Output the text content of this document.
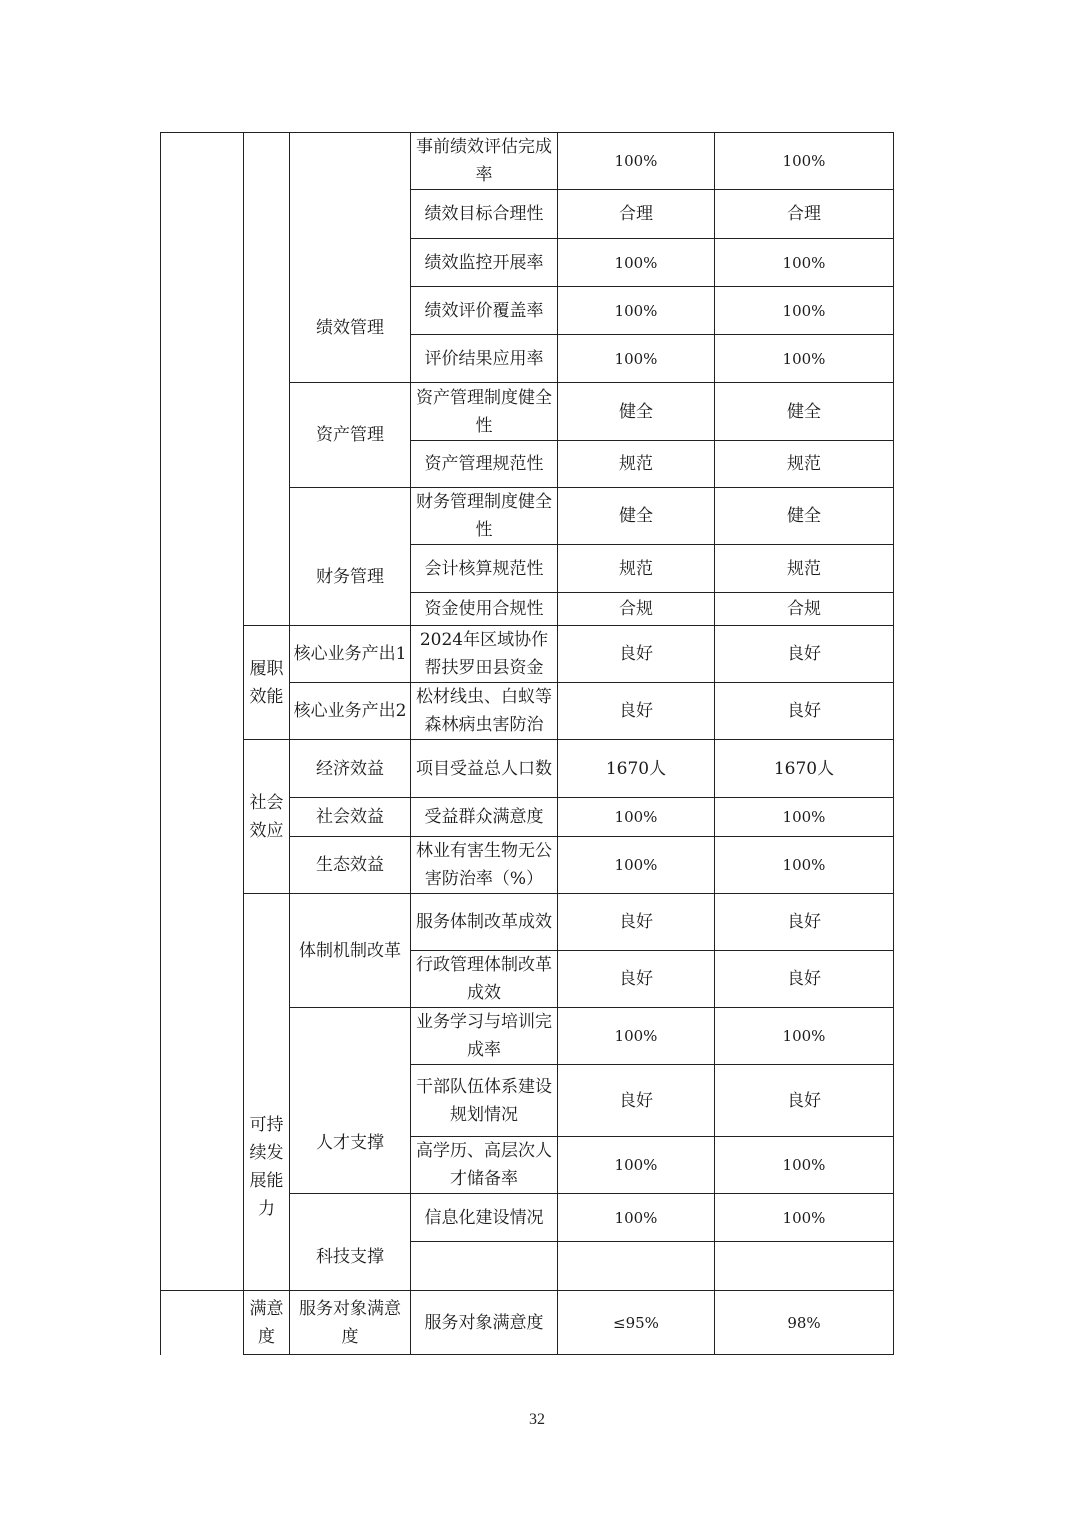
		绩效管理	事前绩效评估完成率	100%	100%
			绩效目标合理性	合理	合理
			绩效监控开展率	100%	100%
			绩效评价覆盖率	100%	100%
			评价结果应用率	100%	100%
		资产管理	资产管理制度健全性	健全	健全
			资产管理规范性	规范	规范
		财务管理	财务管理制度健全性	健全	健全
			会计核算规范性	规范	规范
			资金使用合规性	合规	合规
	履职效能	核心业务产出1	2024年区域协作帮扶罗田县资金	良好	良好
		核心业务产出2	松材线虫、白蚁等森林病虫害防治	良好	良好
	社会效应	经济效益	项目受益总人口数	1670人	1670人
		社会效益	受益群众满意度	100%	100%
		生态效益	林业有害生物无公害防治率（%）	100%	100%
	可持续发展能力	体制机制改革	服务体制改革成效	良好	良好
			行政管理体制改革成效	良好	良好
		人才支撑	业务学习与培训完成率	100%	100%
			干部队伍体系建设规划情况	良好	良好
			高学历、高层次人才储备率	100%	100%
		科技支撑	信息化建设情况	100%	100%

	满意度	服务对象满意度	服务对象满意度	≤95%	98%
32
